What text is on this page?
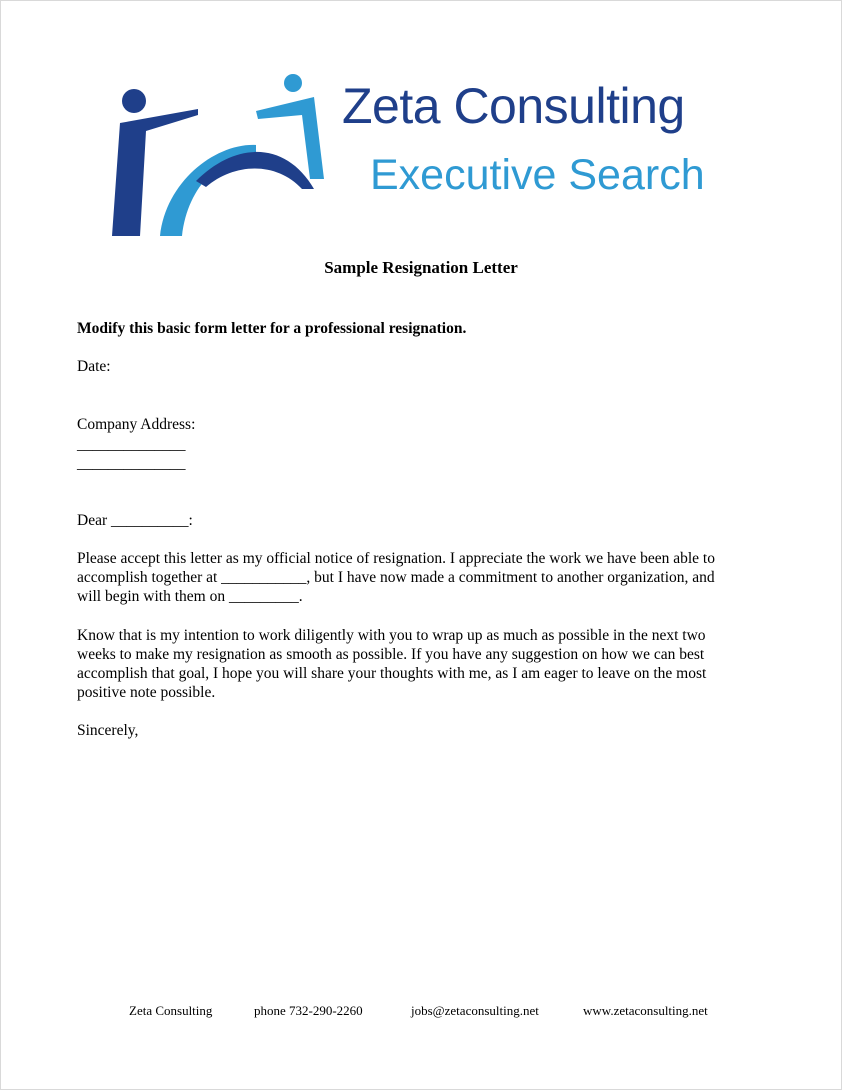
Zeta Consulting
Executive Search
Sample Resignation Letter
Modify this basic form letter for a professional resignation.
Date:
Company Address:
______________
______________
Dear __________:
Please accept this letter as my official notice of resignation. I appreciate the work we have been able to
accomplish together at ___________, but I have now made a commitment to another organization, and
will begin with them on _________.
Know that is my intention to work diligently with you to wrap up as much as possible in the next two
weeks to make my resignation as smooth as possible. If you have any suggestion on how we can best
accomplish that goal, I hope you will share your thoughts with me, as I am eager to leave on the most
positive note possible.
Sincerely,
Zeta Consulting	phone 732-290-2260	jobs@zetaconsulting.net	www.zetaconsulting.net
